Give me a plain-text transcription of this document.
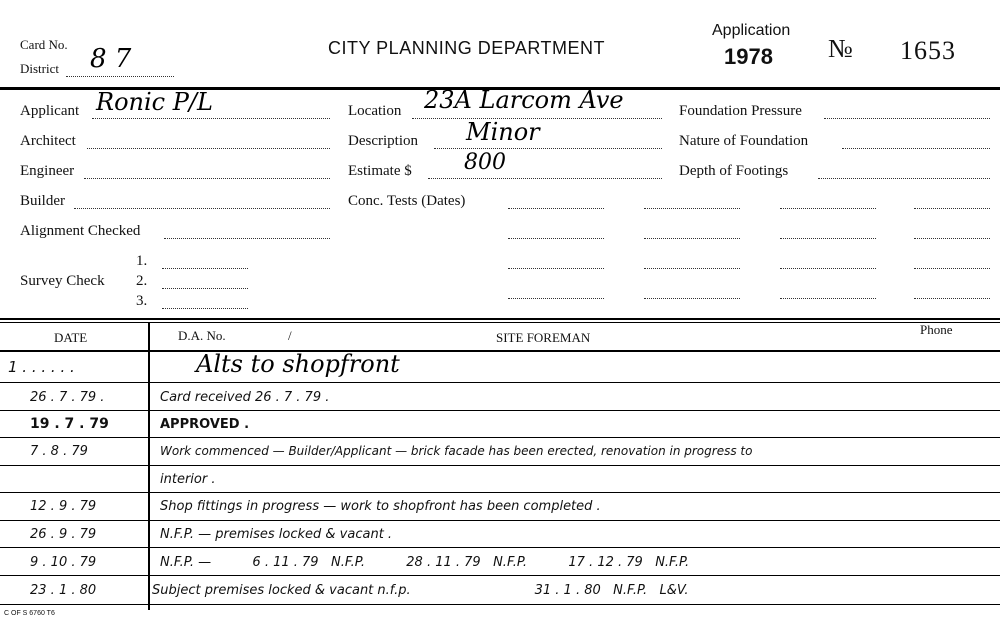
Card No.
District 8 7	CITY PLANNING DEPARTMENT
Application
1978 № 1653
Applicant Ronic P/L
Architect
Engineer
Builder
Alignment Checked
Survey Check
1.
2.
3.
Location 23A Larcom Ave
Description Minor
Estimate $ 800
Conc. Tests (Dates)
Foundation Pressure
Nature of Foundation
Depth of Footings
DATE	D.A. No.	/	SITE FOREMAN
Phone
1 . . . . . .	Alts to shopfront
26 . 7 . 79 .	Card received 26 . 7 . 79 .
19 . 7 . 79	APPROVED .
7 . 8 . 79	Work commenced — Builder/Applicant — brick facade has been erected, renovation in progress to
interior .
12 . 9 . 79	Shop fittings in progress — work to shopfront has been completed .
26 . 9 . 79	N.F.P. — premises locked & vacant .
9 . 10 . 79	N.F.P. —          6 . 11 . 79   N.F.P.          28 . 11 . 79   N.F.P.          17 . 12 . 79   N.F.P.
23 . 1 . 80	Subject premises locked & vacant n.f.p.                              31 . 1 . 80   N.F.P.   L&V.
C OF S 6760 T6
